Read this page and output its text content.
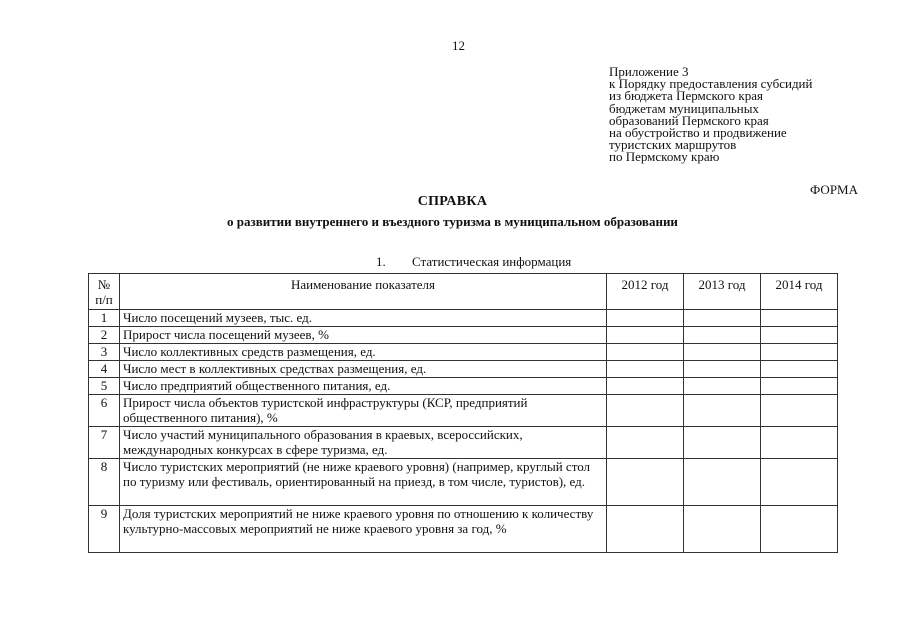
12
Приложение 3
к Порядку предоставления субсидий
из бюджета Пермского края
бюджетам муниципальных
образований Пермского края
на обустройство и продвижение
туристских маршрутов
по Пермскому краю
ФОРМА
СПРАВКА
о развитии внутреннего и въездного туризма в муниципальном образовании
1. Статистическая информация
№
п/п	Наименование показателя	2012 год	2013 год	2014 год
1	Число посещений музеев, тыс. ед.			
2	Прирост числа посещений музеев, %			
3	Число коллективных средств размещения, ед.			
4	Число мест в коллективных средствах размещения, ед.			
5	Число предприятий общественного питания, ед.			
6	Прирост числа объектов туристской инфраструктуры (КСР, предприятий общественного питания), %			
7	Число участий муниципального образования в краевых, всероссийских, международных конкурсах в сфере туризма, ед.			
8	Число туристских мероприятий (не ниже краевого уровня) (например, круглый стол по туризму или фестиваль, ориентированный на приезд, в том числе, туристов), ед.			
9	Доля туристских мероприятий не ниже краевого уровня по отношению к количеству культурно-массовых мероприятий не ниже краевого уровня за год, %			
